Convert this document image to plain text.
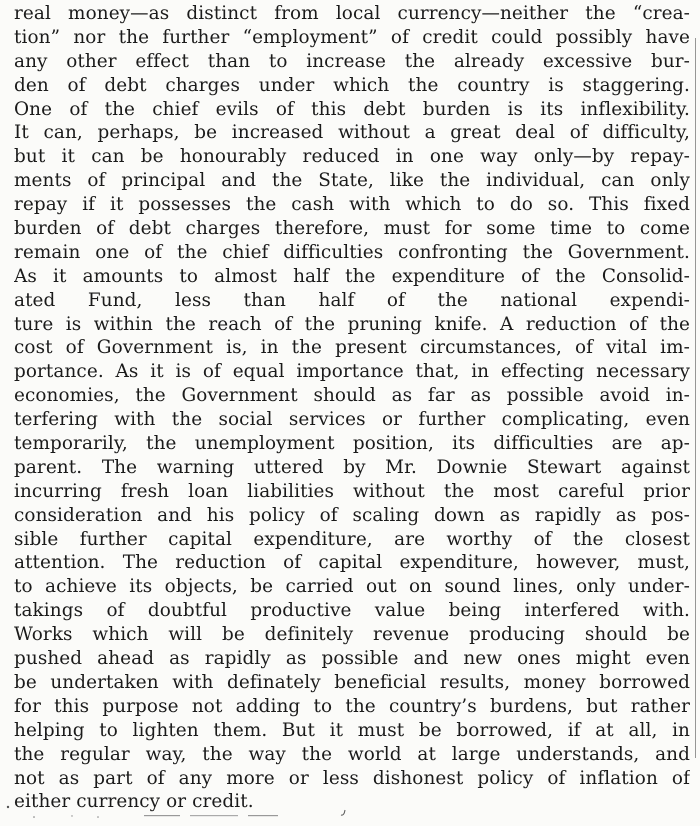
real money—as distinct from local currency—neither the “crea-
tion” nor the further “employment” of credit could possibly have
any other effect than to increase the already excessive bur-
den of debt charges under which the country is staggering.
One of the chief evils of this debt burden is its inflexibility.
It can, perhaps, be increased without a great deal of difficulty,
but it can be honourably reduced in one way only—by repay-
ments of principal and the State, like the individual, can only
repay if it possesses the cash with which to do so. This fixed
burden of debt charges therefore, must for some time to come
remain one of the chief difficulties confronting the Government.
As it amounts to almost half the expenditure of the Consolid-
ated Fund, less than half of the national expendi-
ture is within the reach of the pruning knife. A reduction of the
cost of Government is, in the present circumstances, of vital im-
portance. As it is of equal importance that, in effecting necessary
economies, the Government should as far as possible avoid in-
terfering with the social services or further complicating, even
temporarily, the unemployment position, its difficulties are ap-
parent. The warning uttered by Mr. Downie Stewart against
incurring fresh loan liabilities without the most careful prior
consideration and his policy of scaling down as rapidly as pos-
sible further capital expenditure, are worthy of the closest
attention. The reduction of capital expenditure, however, must,
to achieve its objects, be carried out on sound lines, only under-
takings of doubtful productive value being interfered with.
Works which will be definitely revenue producing should be
pushed ahead as rapidly as possible and new ones might even
be undertaken with definately beneficial results, money borrowed
for this purpose not adding to the country’s burdens, but rather
helping to lighten them. But it must be borrowed, if at all, in
the regular way, the way the world at large understands, and
not as part of any more or less dishonest policy of inflation of
either currency or credit.
